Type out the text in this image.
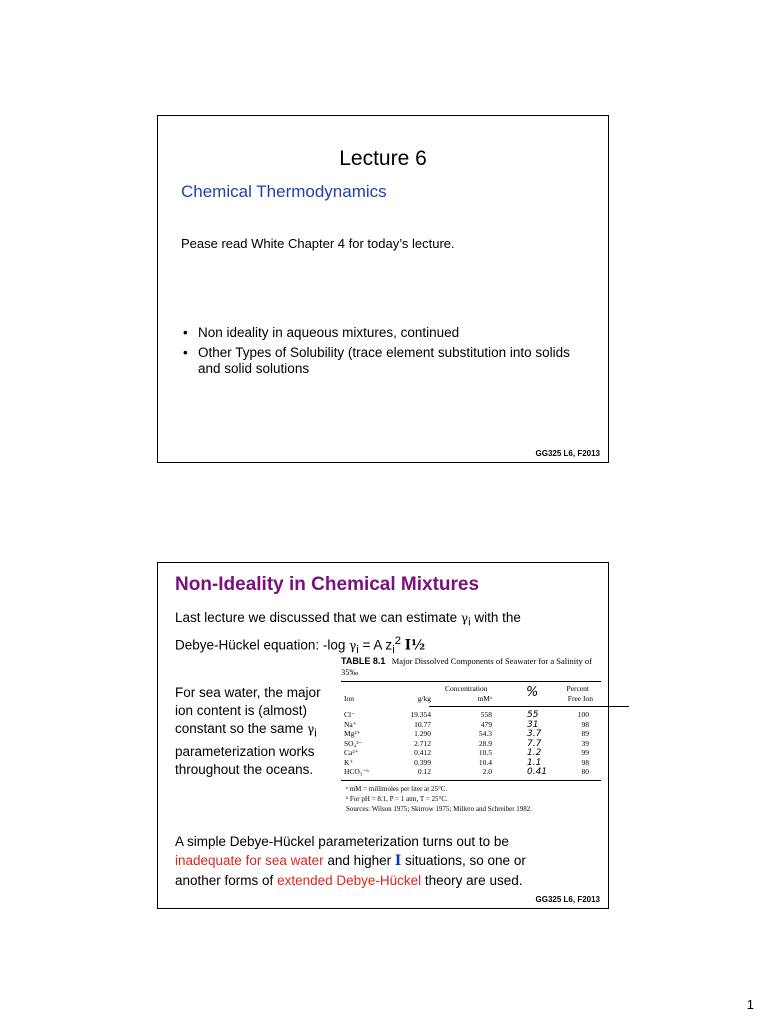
Lecture 6
Chemical Thermodynamics
Pease read White Chapter 4 for today’s lecture.
• Non ideality in aqueous mixtures, continued
• Other Types of Solubility (trace element substitution into solids and solid solutions
GG325 L6, F2013
Non-Ideality in Chemical Mixtures
Last lecture we discussed that we can estimate $\gamma_i$ with the
Debye-Hückel equation: -log $\gamma_i = A$ $z_i^2$ I½
For sea water, the major
ion content is (almost)
constant so the same $\gamma_i$
parameterization works
throughout the oceans.
TABLE 8.1 Major Dissolved Components of Seawater for a Salinity of 35‰
Concentration	Percent
Ion	g/kg	mMᵃ	%	Free Ion
Cl⁻	19.354	558	55	100
Na⁺	10.77	479	31	98
Mg²⁺	1.290	54.3	3.7	89
SO₄²⁻	2.712	28.9	7.7	39
Ca²⁺	0.412	10.5	1.2	99
K⁺	0.399	10.4	1.1	98
HCO₃⁻ᵇ	0.12	2.0	0.41	80
ᵃ mM = millimoles per liter at 25°C.
ᵇ For pH = 8.1, P = 1 atm, T = 25°C.
Sources: Wilson 1975; Skirrow 1975; Millero and Schreiber 1982.
A simple Debye-Hückel parameterization turns out to be
inadequate for sea water and higher I situations, so one or
another forms of extended Debye-Hückel theory are used.
GG325 L6, F2013
1
